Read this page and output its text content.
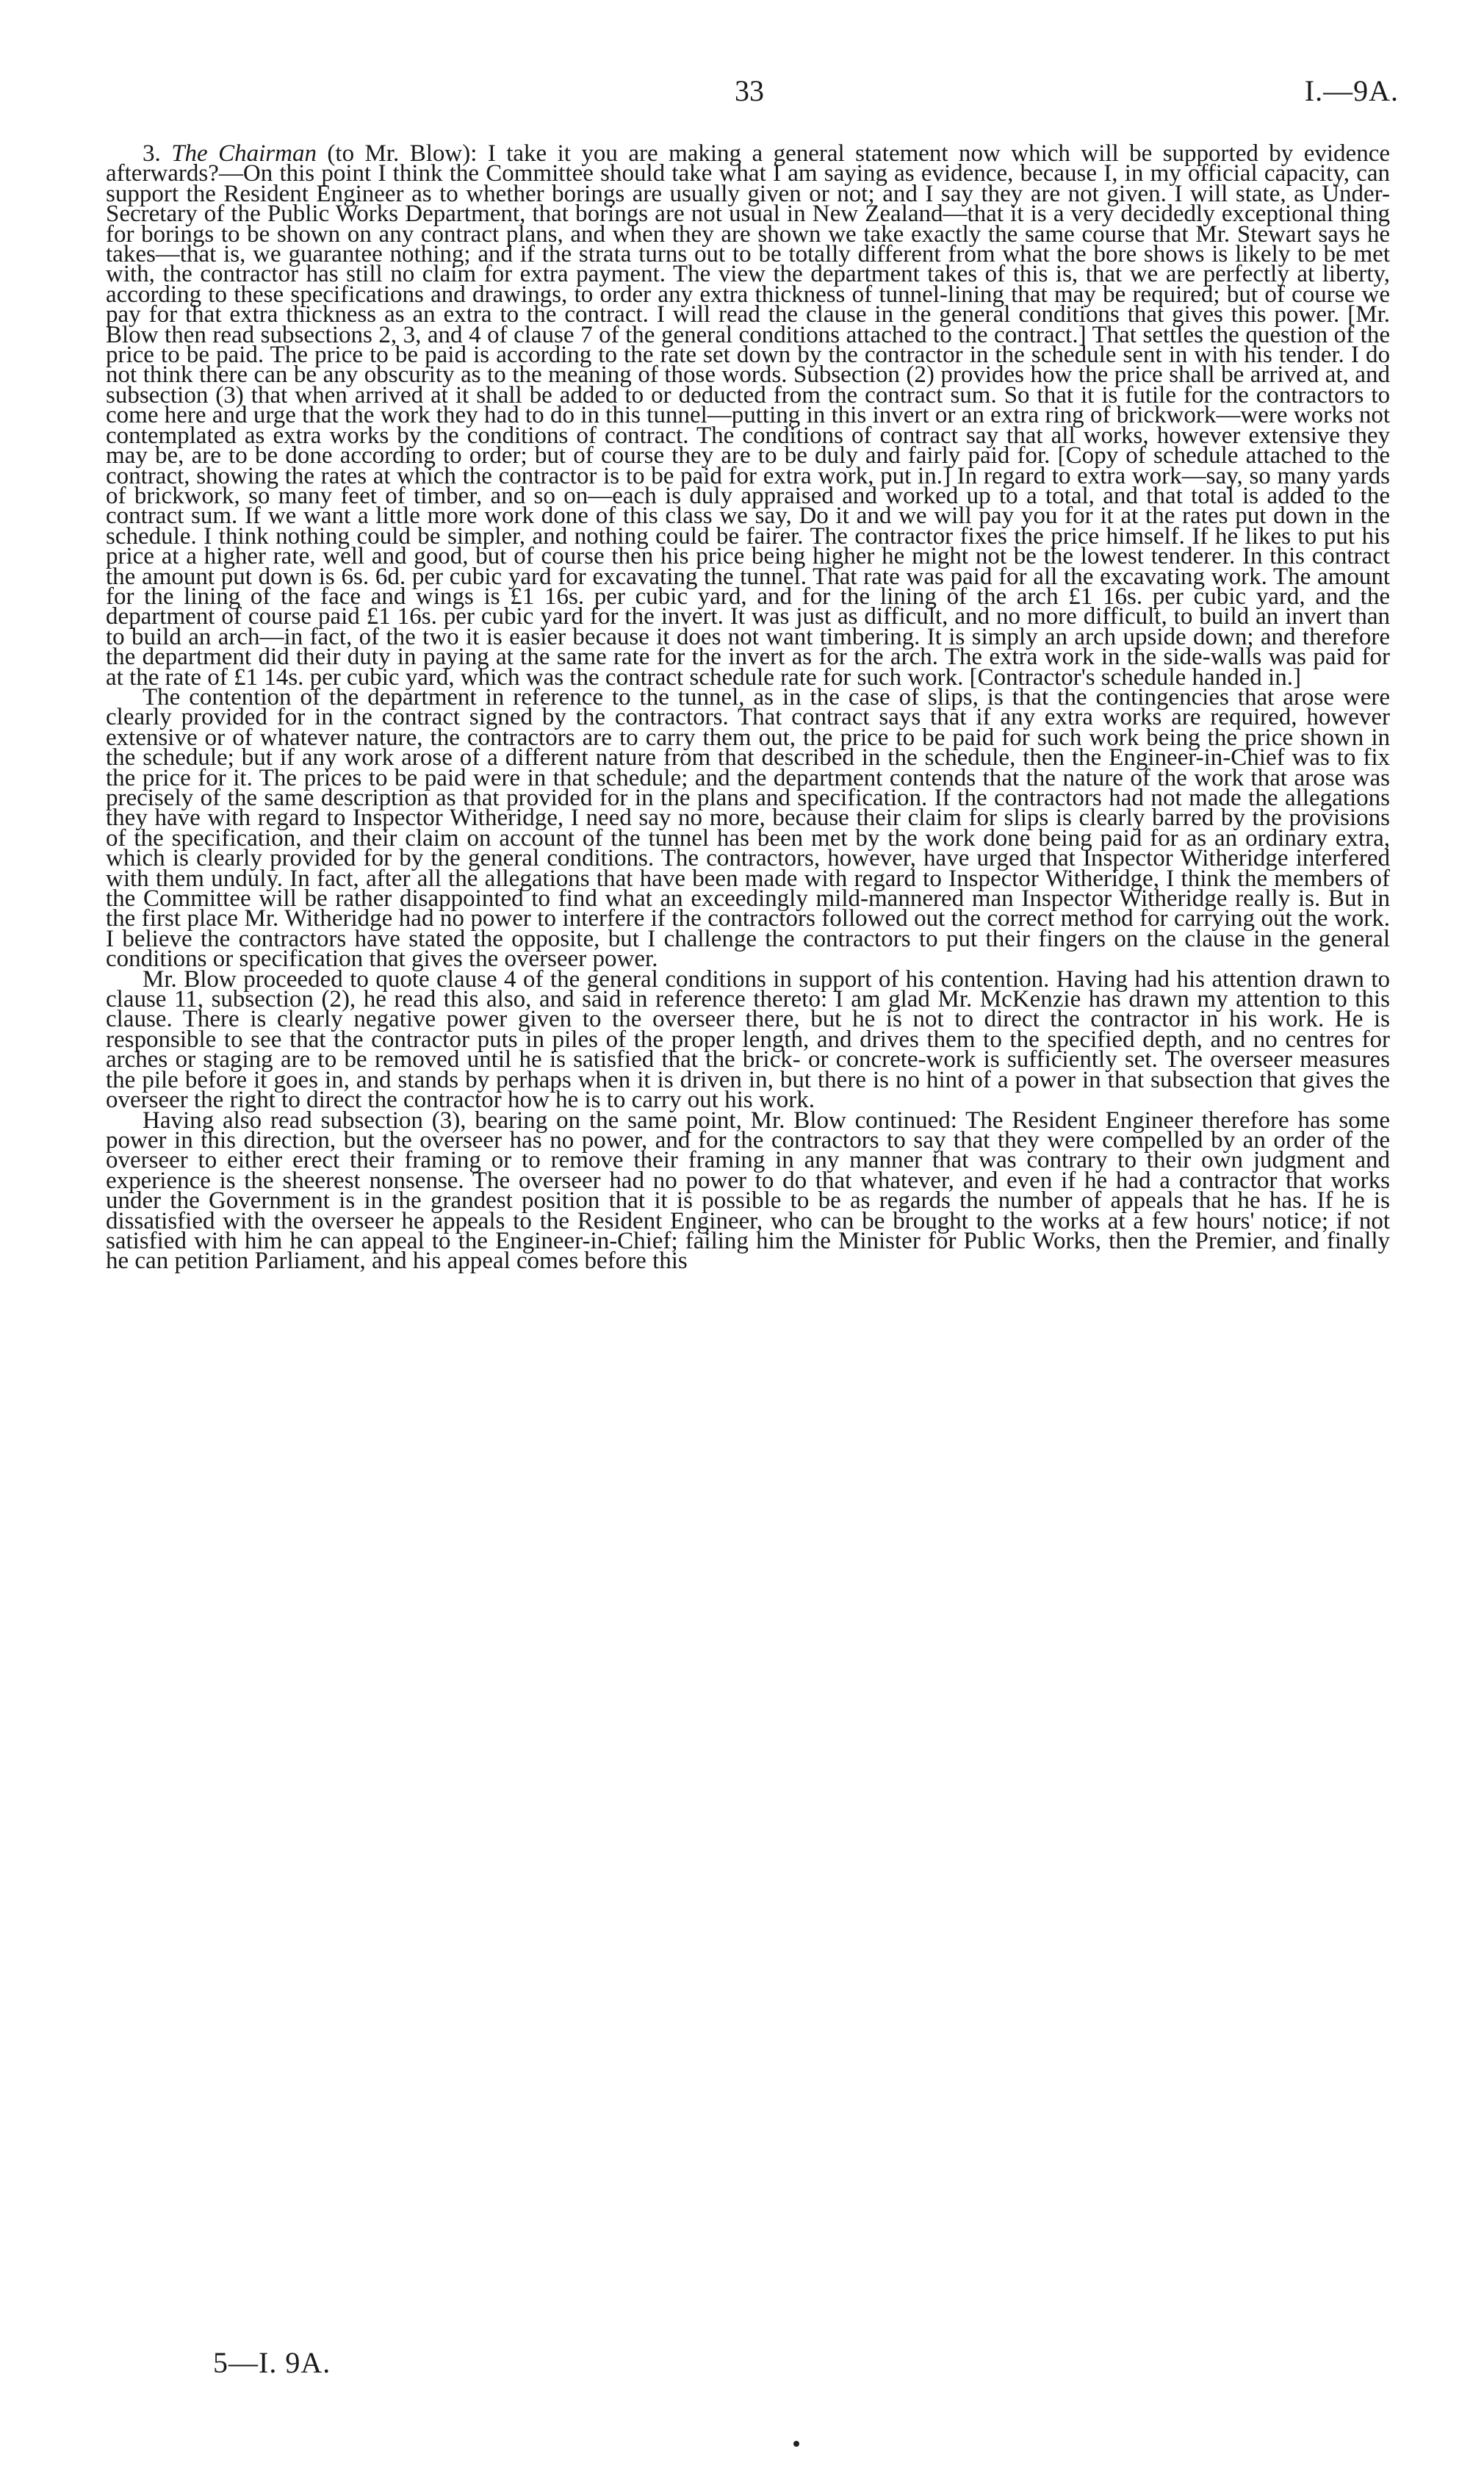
33	I.—9A.

3. The Chairman (to Mr. Blow): I take it you are making a general statement now which will be supported by evidence afterwards?—On this point I think the Committee should take what I am saying as evidence, because I, in my official capacity, can support the Resident Engineer as to whether borings are usually given or not; and I say they are not given. I will state, as Under-Secretary of the Public Works Department, that borings are not usual in New Zealand—that it is a very decidedly exceptional thing for borings to be shown on any contract plans, and when they are shown we take exactly the same course that Mr. Stewart says he takes—that is, we guarantee nothing; and if the strata turns out to be totally different from what the bore shows is likely to be met with, the contractor has still no claim for extra payment. The view the department takes of this is, that we are perfectly at liberty, according to these specifications and drawings, to order any extra thickness of tunnel-lining that may be required; but of course we pay for that extra thickness as an extra to the contract. I will read the clause in the general conditions that gives this power. [Mr. Blow then read subsections 2, 3, and 4 of clause 7 of the general conditions attached to the contract.] That settles the question of the price to be paid. The price to be paid is according to the rate set down by the contractor in the schedule sent in with his tender. I do not think there can be any obscurity as to the meaning of those words. Subsection (2) provides how the price shall be arrived at, and subsection (3) that when arrived at it shall be added to or deducted from the contract sum. So that it is futile for the contractors to come here and urge that the work they had to do in this tunnel—putting in this invert or an extra ring of brickwork—were works not contemplated as extra works by the conditions of contract. The conditions of contract say that all works, however extensive they may be, are to be done according to order; but of course they are to be duly and fairly paid for. [Copy of schedule attached to the contract, showing the rates at which the contractor is to be paid for extra work, put in.] In regard to extra work—say, so many yards of brickwork, so many feet of timber, and so on—each is duly appraised and worked up to a total, and that total is added to the contract sum. If we want a little more work done of this class we say, Do it and we will pay you for it at the rates put down in the schedule. I think nothing could be simpler, and nothing could be fairer. The contractor fixes the price himself. If he likes to put his price at a higher rate, well and good, but of course then his price being higher he might not be the lowest tenderer. In this contract the amount put down is 6s. 6d. per cubic yard for excavating the tunnel. That rate was paid for all the excavating work. The amount for the lining of the face and wings is £1 16s. per cubic yard, and for the lining of the arch £1 16s. per cubic yard, and the department of course paid £1 16s. per cubic yard for the invert. It was just as difficult, and no more difficult, to build an invert than to build an arch—in fact, of the two it is easier because it does not want timbering. It is simply an arch upside down; and therefore the department did their duty in paying at the same rate for the invert as for the arch. The extra work in the side-walls was paid for at the rate of £1 14s. per cubic yard, which was the contract schedule rate for such work. [Contractor's schedule handed in.]

The contention of the department in reference to the tunnel, as in the case of slips, is that the contingencies that arose were clearly provided for in the contract signed by the contractors. That contract says that if any extra works are required, however extensive or of whatever nature, the contractors are to carry them out, the price to be paid for such work being the price shown in the schedule; but if any work arose of a different nature from that described in the schedule, then the Engineer-in-Chief was to fix the price for it. The prices to be paid were in that schedule; and the department contends that the nature of the work that arose was precisely of the same description as that provided for in the plans and specification. If the contractors had not made the allegations they have with regard to Inspector Witheridge, I need say no more, because their claim for slips is clearly barred by the provisions of the specification, and their claim on account of the tunnel has been met by the work done being paid for as an ordinary extra, which is clearly provided for by the general conditions. The contractors, however, have urged that Inspector Witheridge interfered with them unduly. In fact, after all the allegations that have been made with regard to Inspector Witheridge, I think the members of the Committee will be rather disappointed to find what an exceedingly mild-mannered man Inspector Witheridge really is. But in the first place Mr. Witheridge had no power to interfere if the contractors followed out the correct method for carrying out the work. I believe the contractors have stated the opposite, but I challenge the contractors to put their fingers on the clause in the general conditions or specification that gives the overseer power.

Mr. Blow proceeded to quote clause 4 of the general conditions in support of his contention. Having had his attention drawn to clause 11, subsection (2), he read this also, and said in reference thereto: I am glad Mr. McKenzie has drawn my attention to this clause. There is clearly negative power given to the overseer there, but he is not to direct the contractor in his work. He is responsible to see that the contractor puts in piles of the proper length, and drives them to the specified depth, and no centres for arches or staging are to be removed until he is satisfied that the brick- or concrete-work is sufficiently set. The overseer measures the pile before it goes in, and stands by perhaps when it is driven in, but there is no hint of a power in that subsection that gives the overseer the right to direct the contractor how he is to carry out his work.

Having also read subsection (3), bearing on the same point, Mr. Blow continued: The Resident Engineer therefore has some power in this direction, but the overseer has no power, and for the contractors to say that they were compelled by an order of the overseer to either erect their framing or to remove their framing in any manner that was contrary to their own judgment and experience is the sheerest nonsense. The overseer had no power to do that whatever, and even if he had a contractor that works under the Government is in the grandest position that it is possible to be as regards the number of appeals that he has. If he is dissatisfied with the overseer he appeals to the Resident Engineer, who can be brought to the works at a few hours' notice; if not satisfied with him he can appeal to the Engineer-in-Chief; failing him the Minister for Public Works, then the Premier, and finally he can petition Parliament, and his appeal comes before this

5—I. 9A.
